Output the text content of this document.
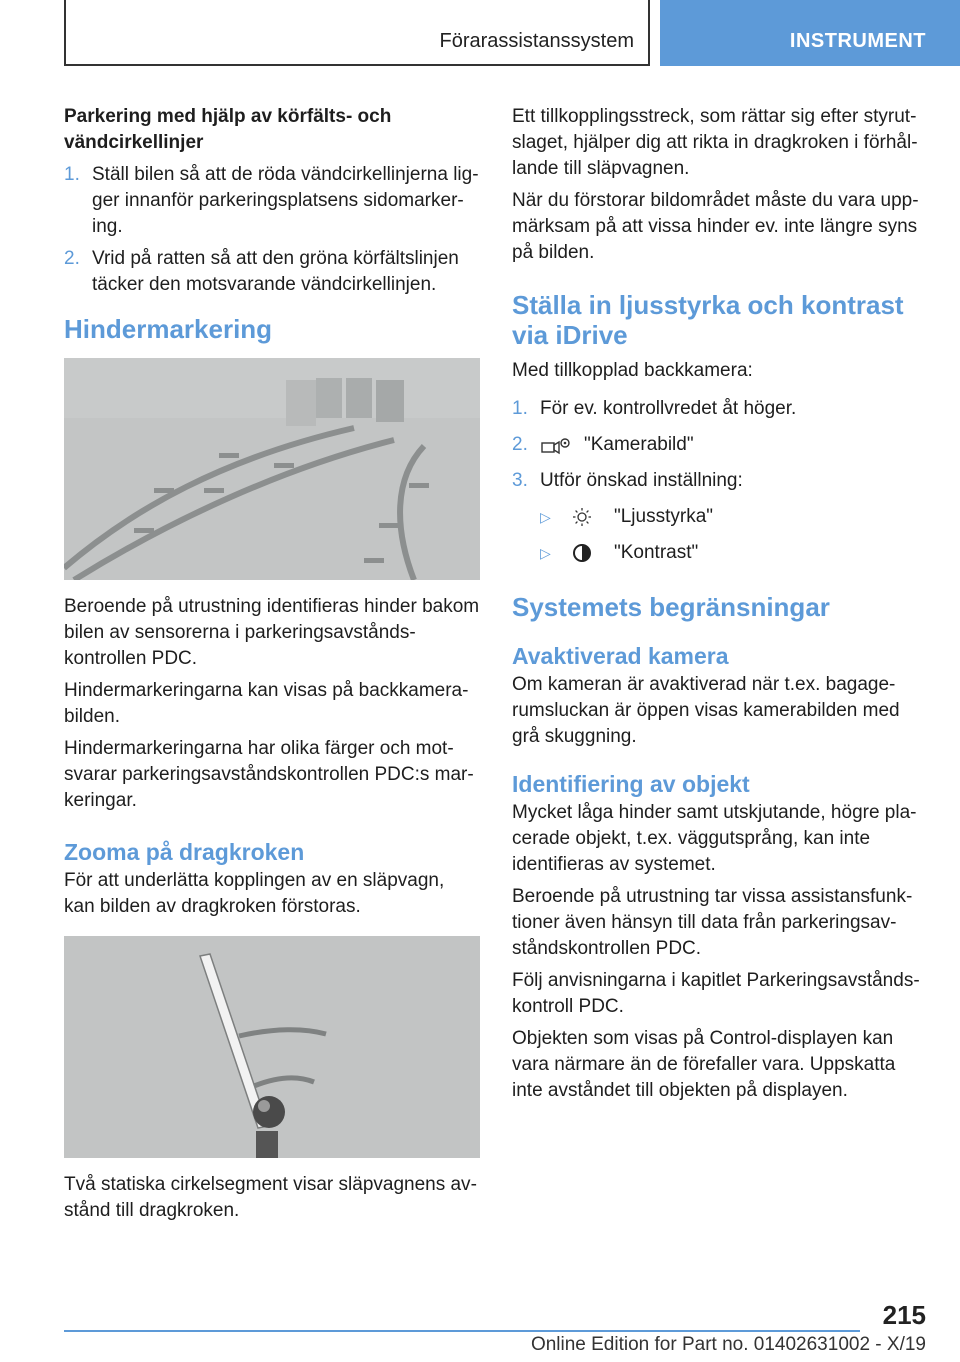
Förarassistanssystem	INSTRUMENT
Parkering med hjälp av körfälts- och vändcirkellinjer
1. Ställ bilen så att de röda vändcirkellinjerna ligger innanför parkeringsplatsens sidomarkering.
2. Vrid på ratten så att den gröna körfältslinjen täcker den motsvarande vändcirkellinjen.
Hindermarkering

Beroende på utrustning identifieras hinder bakom bilen av sensorerna i parkeringsavståndskontrollen PDC.

Hindermarkeringarna kan visas på backkamerabilden.

Hindermarkeringarna har olika färger och motsvarar parkeringsavståndskontrollen PDC:s markeringar.

Zooma på dragkroken

För att underlätta kopplingen av en släpvagn, kan bilden av dragkroken förstoras.

Två statiska cirkelsegment visar släpvagnens avstånd till dragkroken.

Ett tillkopplingsstreck, som rättar sig efter styrutslaget, hjälper dig att rikta in dragkroken i förhållande till släpvagnen.

När du förstorar bildområdet måste du vara uppmärksam på att vissa hinder ev. inte längre syns på bilden.

Ställa in ljusstyrka och kontrast via iDrive

Med tillkopplad backkamera:

1. För ev. kontrollvredet åt höger.
2.	"Kamerabild"
3. Utför önskad inställning:
▷	"Ljusstyrka"
▷	"Kontrast"
Systemets begränsningar
Avaktiverad kamera

Om kameran är avaktiverad när t.ex. bagagerumsluckan är öppen visas kamerabilden med grå skuggning.

Identifiering av objekt

Mycket låga hinder samt utskjutande, högre placerade objekt, t.ex. väggutsprång, kan inte identifieras av systemet.

Beroende på utrustning tar vissa assistansfunktioner även hänsyn till data från parkeringsavståndskontrollen PDC.

Följ anvisningarna i kapitlet Parkeringsavståndskontroll PDC.

Objekten som visas på Control-displayen kan vara närmare än de förefaller vara. Uppskatta inte avståndet till objekten på displayen.

215
Online Edition for Part no. 01402631002 - X/19
